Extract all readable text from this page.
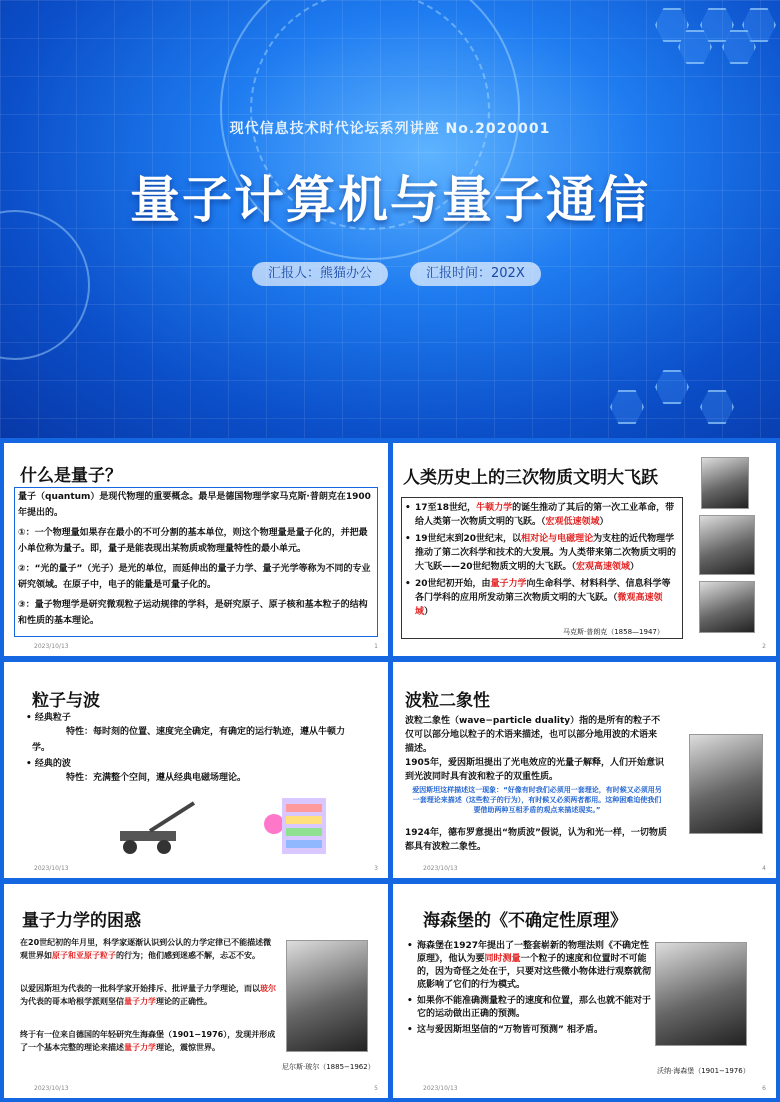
现代信息技术时代论坛系列讲座 No.2020001
量子计算机与量子通信
汇报人：熊猫办公	汇报时间：202X
什么是量子？
量子（quantum）是现代物理的重要概念。最早是德国物理学家马克斯·普朗克在1900年提出的。
①：一个物理量如果存在最小的不可分割的基本单位，则这个物理量是量子化的，并把最小单位称为量子。即，量子是能表现出某物质或物理量特性的最小单元。
②：“光的量子”（光子）是光的单位，而延伸出的量子力学、量子光学等称为不同的专业研究领域。在原子中，电子的能量是可量子化的。
③：量子物理学是研究微观粒子运动规律的学科，是研究原子、原子核和基本粒子的结构和性质的基本理论。
2023/10/13	1
人类历史上的三次物质文明大飞跃
• 17至18世纪，牛顿力学的诞生推动了其后的第一次工业革命，带给人类第一次物质文明的飞跃。（宏观低速领域）
• 19世纪末到20世纪末，以相对论与电磁理论为支柱的近代物理学推动了第二次科学和技术的大发展。为人类带来第二次物质文明的大飞跃——20世纪物质文明的大飞跃。（宏观高速领域）
• 20世纪初开始，由量子力学向生命科学、材料科学、信息科学等各门学科的应用所发动第三次物质文明的大飞跃。（微观高速领域）
马克斯·普朗克（1858—1947）
2
粒子与波
• 经典粒子
特性：每时刻的位置、速度完全确定，有确定的运行轨迹，遵从牛顿力学。
• 经典的波
特性：充满整个空间，遵从经典电磁场理论。
2023/10/13	3
波粒二象性
波粒二象性（wave−particle duality）指的是所有的粒子不仅可以部分地以粒子的术语来描述，也可以部分地用波的术语来描述。
1905年，爱因斯坦提出了光电效应的光量子解释，人们开始意识到光波同时具有波和粒子的双重性质。
爱因斯坦这样描述这一现象：“好像有时我们必须用一套理论，有时候又必须用另一套理论来描述（这些粒子的行为），有时候又必须两者都用。这种困难迫使我们要借助两种互相矛盾的观点来描述现实。”
1924年，德布罗意提出“物质波”假说，认为和光一样，一切物质都具有波粒二象性。
2023/10/13	4
量子力学的困惑
在20世纪初的年月里，科学家逐渐认识到公认的力学定律已不能描述微观世界如原子和亚原子粒子的行为；他们感到迷惑不解，忐忑不安。
以爱因斯坦为代表的一批科学家开始排斥、批评量子力学理论，而以玻尔为代表的哥本哈根学派则坚信量子力学理论的正确性。
终于有一位来自德国的年轻研究生海森堡（1901−1976），发现并形成了一个基本完整的理论来描述量子力学理论，震惊世界。
尼尔斯·玻尔（1885−1962）
2023/10/13	5
海森堡的《不确定性原理》
• 海森堡在1927年提出了一整套崭新的物理法则《不确定性原理》，他认为要同时测量一个粒子的速度和位置时不可能的，因为奇怪之处在于，只要对这些微小物体进行观察就彻底影响了它们的行为模式。
• 如果你不能准确测量粒子的速度和位置，那么也就不能对于它的运动做出正确的预测。
• 这与爱因斯坦坚信的“万物皆可预测” 相矛盾。
沃纳·海森堡（1901−1976）
2023/10/13	6
